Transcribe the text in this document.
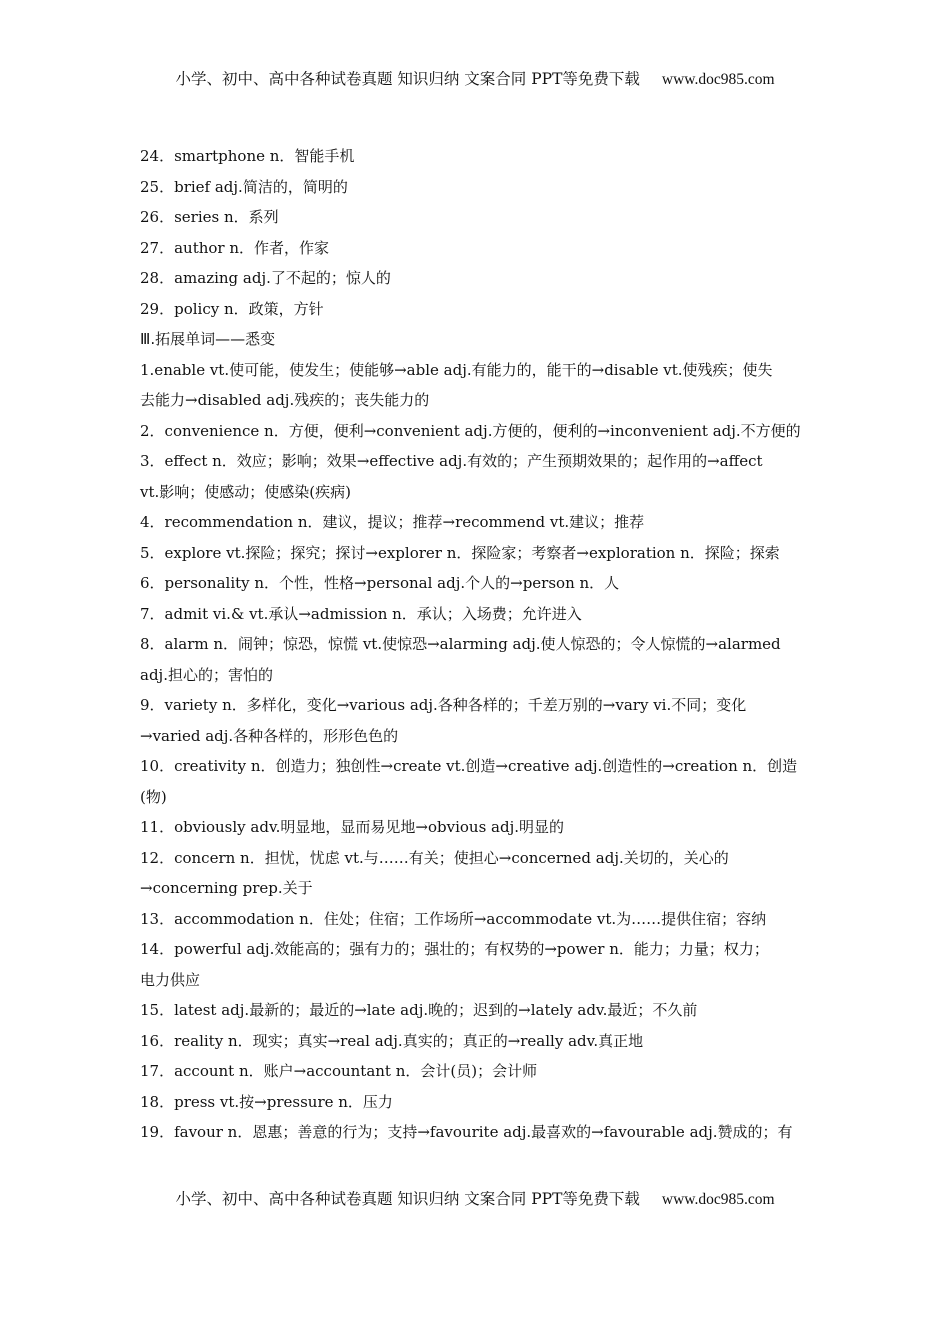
小学、初中、高中各种试卷真题 知识归纳 文案合同 PPT等免费下载 www.doc985.com
24．smartphone n．智能手机
25．brief adj.简洁的，简明的
26．series n．系列
27．author n．作者，作家
28．amazing adj.了不起的；惊人的
29．policy n．政策，方针
Ⅲ.拓展单词——悉变
1.enable vt.使可能，使发生；使能够→able adj.有能力的，能干的→disable vt.使残疾；使失
去能力→disabled adj.残疾的；丧失能力的
2．convenience n．方便，便利→convenient adj.方便的，便利的→inconvenient adj.不方便的
3．effect n．效应；影响；效果→effective adj.有效的；产生预期效果的；起作用的→affect
vt.影响；使感动；使感染(疾病)
4．recommendation n．建议，提议；推荐→recommend vt.建议；推荐
5．explore vt.探险；探究；探讨→explorer n．探险家；考察者→exploration n．探险；探索
6．personality n．个性，性格→personal adj.个人的→person n．人
7．admit vi.& vt.承认→admission n．承认；入场费；允许进入
8．alarm n．闹钟；惊恐，惊慌 vt.使惊恐→alarming adj.使人惊恐的；令人惊慌的→alarmed
adj.担心的；害怕的
9．variety n．多样化，变化→various adj.各种各样的；千差万别的→vary vi.不同；变化
→varied adj.各种各样的，形形色色的
10．creativity n．创造力；独创性→create vt.创造→creative adj.创造性的→creation n．创造
(物)
11．obviously adv.明显地，显而易见地→obvious adj.明显的
12．concern n．担忧，忧虑 vt.与……有关；使担心→concerned adj.关切的，关心的
→concerning prep.关于
13．accommodation n．住处；住宿；工作场所→accommodate vt.为……提供住宿；容纳
14．powerful adj.效能高的；强有力的；强壮的；有权势的→power n．能力；力量；权力；
电力供应
15．latest adj.最新的；最近的→late adj.晚的；迟到的→lately adv.最近；不久前
16．reality n．现实；真实→real adj.真实的；真正的→really adv.真正地
17．account n．账户→accountant n．会计(员)；会计师
18．press vt.按→pressure n．压力
19．favour n．恩惠；善意的行为；支持→favourite adj.最喜欢的→favourable adj.赞成的；有
小学、初中、高中各种试卷真题 知识归纳 文案合同 PPT等免费下载 www.doc985.com
